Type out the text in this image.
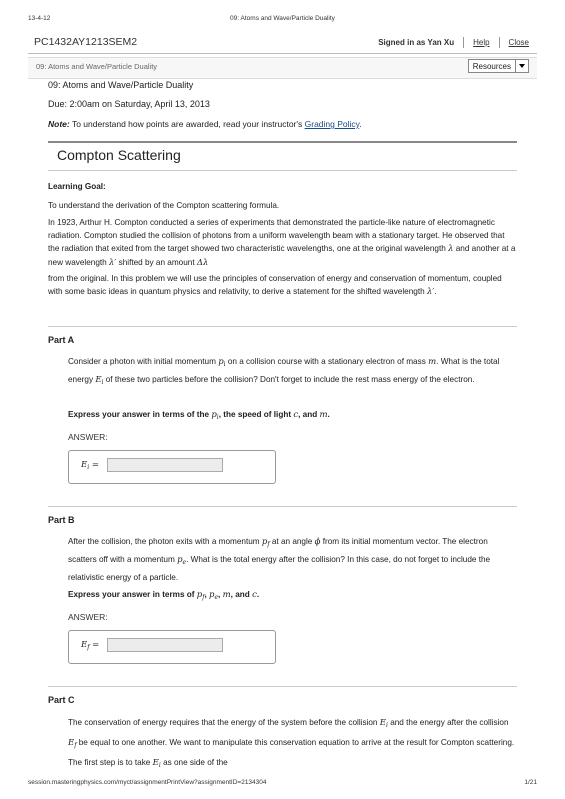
13-4-12	09: Atoms and Wave/Particle Duality
PC1432AY1213SEM2	Signed in as Yan Xu Help Close
09: Atoms and Wave/Particle Duality	Resources
09: Atoms and Wave/Particle Duality
Due: 2:00am on Saturday, April 13, 2013
Note: To understand how points are awarded, read your instructor's Grading Policy.
Compton Scattering
Learning Goal:
To understand the derivation of the Compton scattering formula.
In 1923, Arthur H. Compton conducted a series of experiments that demonstrated the particle-like nature of electromagnetic radiation. Compton studied the collision of photons from a uniform wavelength beam with a stationary target. He observed that the radiation that exited from the target showed two characteristic wavelengths, one at the original wavelength λ and another at a new wavelength λ′ shifted by an amount Δλ
from the original. In this problem we will use the principles of conservation of energy and conservation of momentum, coupled with some basic ideas in quantum physics and relativity, to derive a statement for the shifted wavelength λ′.
Part A
Consider a photon with initial momentum $p_i$ on a collision course with a stationary electron of mass m. What is the total energy $E_i$ of these two particles before the collision? Don't forget to include the rest mass energy of the electron.
Express your answer in terms of the $p_i$, the speed of light c, and m.
ANSWER:
$E_i$ =
Part B
After the collision, the photon exits with a momentum $p_f$ at an angle ϕ from its initial momentum vector. The electron scatters off with a momentum $p_e$. What is the total energy after the collision? In this case, do not forget to include the relativistic energy of a particle.
Express your answer in terms of $p_f$, $p_e$, m, and c.
ANSWER:
$E_f$ =
Part C
The conservation of energy requires that the energy of the system before the collision $E_i$ and the energy after the collision $E_f$ be equal to one another. We want to manipulate this conservation equation to arrive at the result for Compton scattering. The first step is to take $E_i$ as one side of the
session.masteringphysics.com/myct/assignmentPrintView?assignmentID=2134304	1/21
